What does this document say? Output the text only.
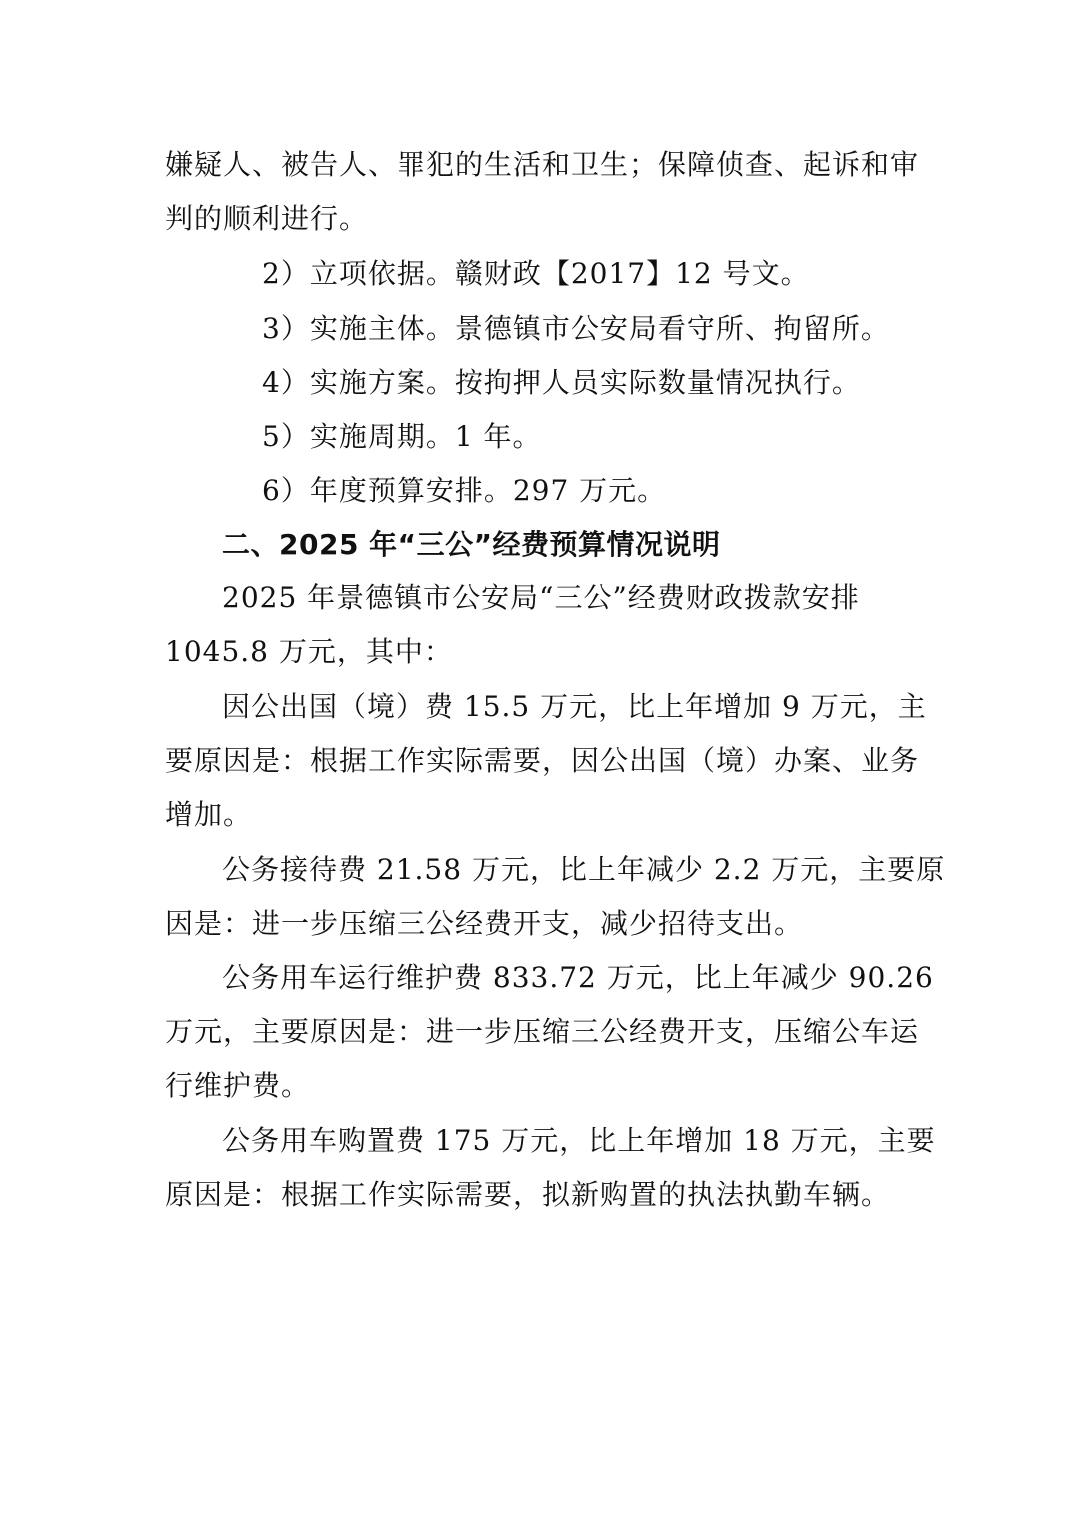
嫌疑人、被告人、罪犯的生活和卫生；保障侦查、起诉和审
判的顺利进行。
2）立项依据。赣财政【2017】12 号文。
3）实施主体。景德镇市公安局看守所、拘留所。
4）实施方案。按拘押人员实际数量情况执行。
5）实施周期。1 年。
6）年度预算安排。297 万元。
二、2025 年“三公”经费预算情况说明
2025 年景德镇市公安局“三公”经费财政拨款安排
1045.8 万元，其中：
因公出国（境）费 15.5 万元，比上年增加 9 万元，主
要原因是：根据工作实际需要，因公出国（境）办案、业务
增加。
公务接待费 21.58 万元，比上年减少 2.2 万元，主要原
因是：进一步压缩三公经费开支，减少招待支出。
公务用车运行维护费 833.72 万元，比上年减少 90.26
万元，主要原因是：进一步压缩三公经费开支，压缩公车运
行维护费。
公务用车购置费 175 万元，比上年增加 18 万元，主要
原因是：根据工作实际需要，拟新购置的执法执勤车辆。
